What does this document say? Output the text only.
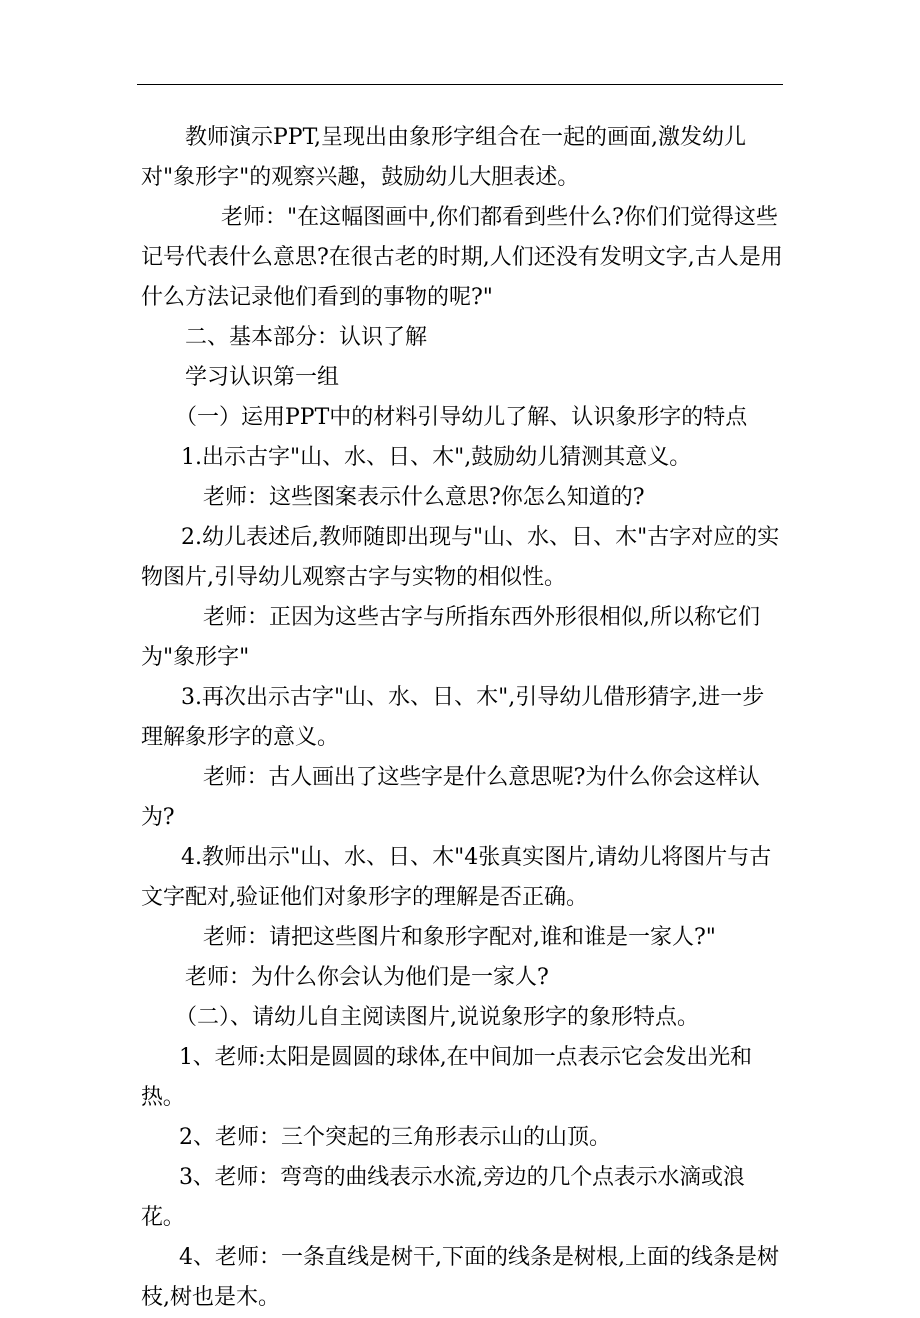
教师演示PPT,呈现出由象形字组合在一起的画面,激发幼儿对"象形字"的观察兴趣，鼓励幼儿大胆表述。

老师："在这幅图画中,你们都看到些什么?你们们觉得这些记号代表什么意思?在很古老的时期,人们还没有发明文字,古人是用什么方法记录他们看到的事物的呢?"

二、基本部分：认识了解

学习认识第一组

（一）运用PPT中的材料引导幼儿了解、认识象形字的特点

1.出示古字"山、水、日、木",鼓励幼儿猜测其意义。

老师：这些图案表示什么意思?你怎么知道的?

2.幼儿表述后,教师随即出现与"山、水、日、木"古字对应的实物图片,引导幼儿观察古字与实物的相似性。

老师：正因为这些古字与所指东西外形很相似,所以称它们为"象形字"

3.再次出示古字"山、水、日、木",引导幼儿借形猜字,进一步理解象形字的意义。

老师：古人画出了这些字是什么意思呢?为什么你会这样认为?

4.教师出示"山、水、日、木"4张真实图片,请幼儿将图片与古文字配对,验证他们对象形字的理解是否正确。

老师：请把这些图片和象形字配对,谁和谁是一家人?"

老师：为什么你会认为他们是一家人?

（二）、请幼儿自主阅读图片,说说象形字的象形特点。

1、老师:太阳是圆圆的球体,在中间加一点表示它会发出光和热。

2、老师：三个突起的三角形表示山的山顶。

3、老师：弯弯的曲线表示水流,旁边的几个点表示水滴或浪花。

4、老师：一条直线是树干,下面的线条是树根,上面的线条是树枝,树也是木。
